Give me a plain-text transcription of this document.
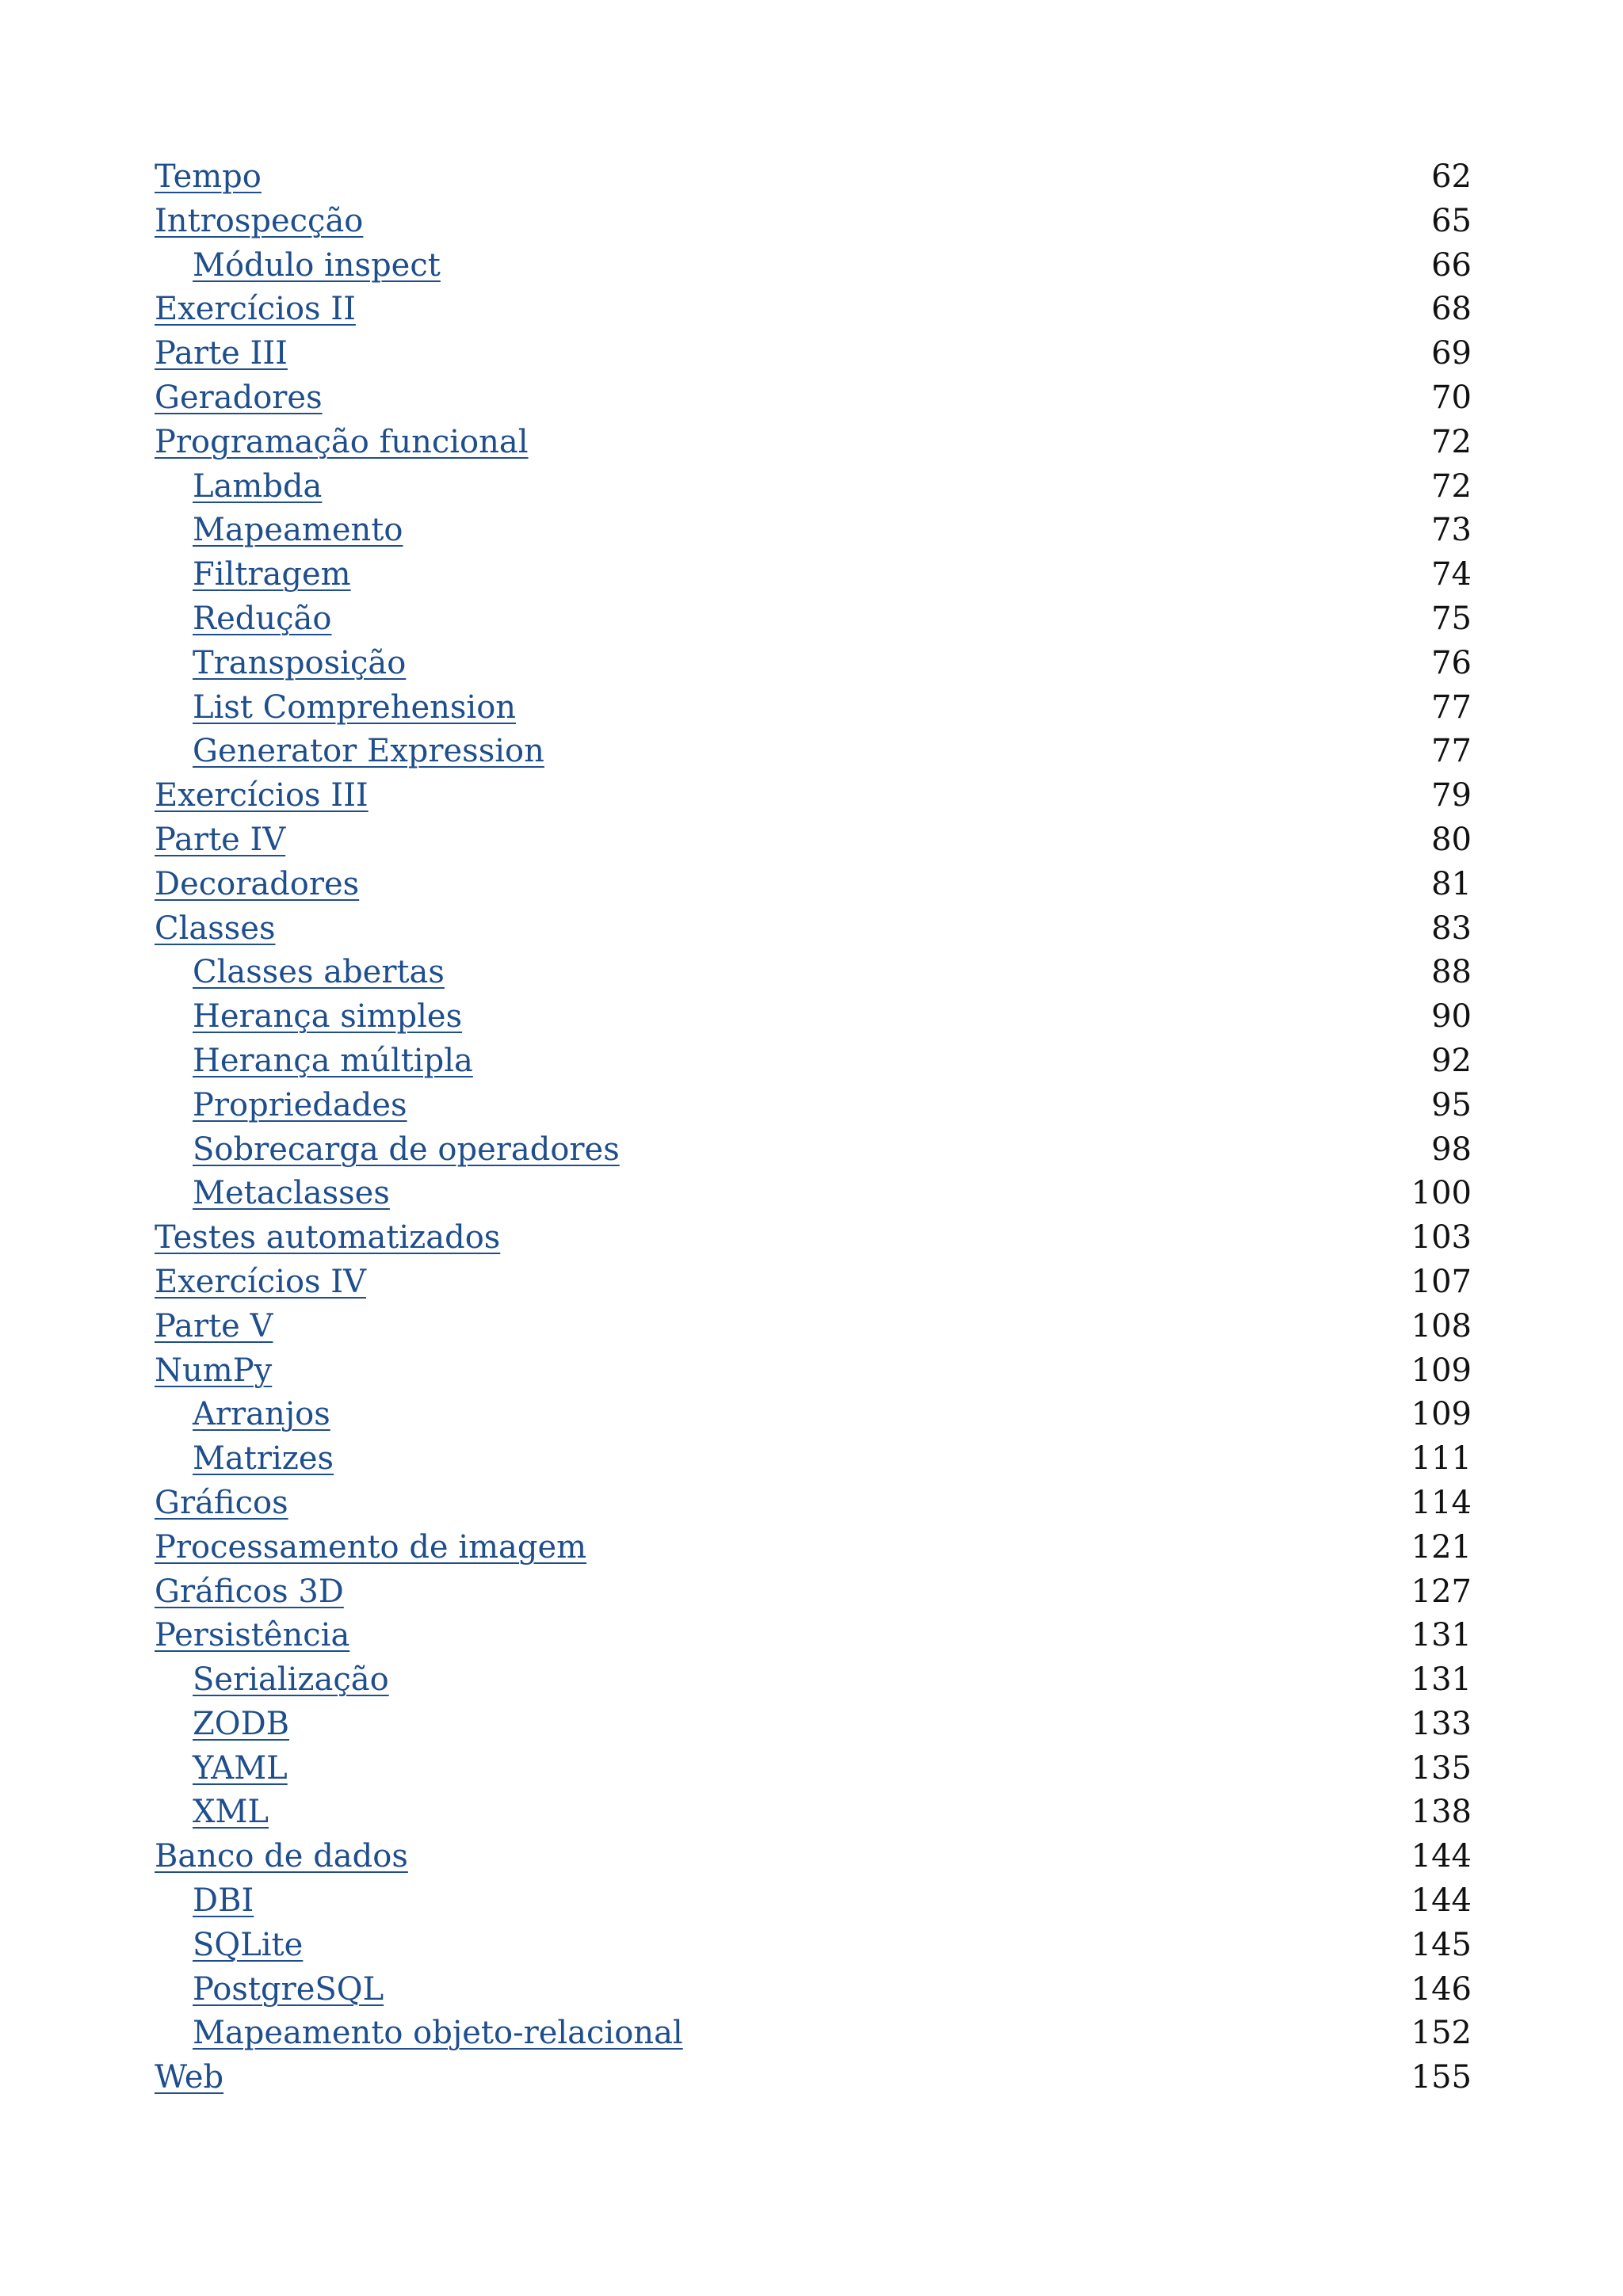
Tempo	62
Introspecção	65
Módulo inspect	66
Exercícios II	68
Parte III	69
Geradores	70
Programação funcional	72
Lambda	72
Mapeamento	73
Filtragem	74
Redução	75
Transposição	76
List Comprehension	77
Generator Expression	77
Exercícios III	79
Parte IV	80
Decoradores	81
Classes	83
Classes abertas	88
Herança simples	90
Herança múltipla	92
Propriedades	95
Sobrecarga de operadores	98
Metaclasses	100
Testes automatizados	103
Exercícios IV	107
Parte V	108
NumPy	109
Arranjos	109
Matrizes	111
Gráficos	114
Processamento de imagem	121
Gráficos 3D	127
Persistência	131
Serialização	131
ZODB	133
YAML	135
XML	138
Banco de dados	144
DBI	144
SQLite	145
PostgreSQL	146
Mapeamento objeto-relacional	152
Web	155
